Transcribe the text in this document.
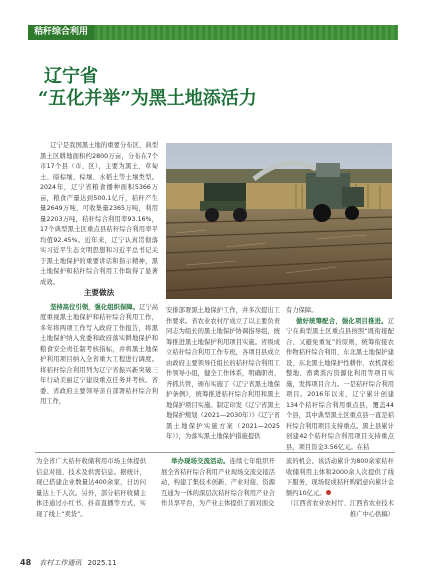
秸秆综合利用
辽宁省
“五化并举”为黑土地添活力

辽宁是我国黑土地的重要分布区，典型黑土区耕地面积约2800万亩，分布在7个市17个县（市、区），主要为黑土、草甸土、暗棕壤、棕壤、水稻土等土壤类型。2024年，辽宁省粮食播种面积5366万亩，粮食产量达到500.1亿斤，秸秆产生量2649万吨，可收集量2365万吨，利用量2203万吨，秸秆综合利用率93.16%，17个典型黑土区重点县秸秆综合利用率平均值92.45%。近年来，辽宁认真贯彻落实习近平生态文明思想和习近平总书记关于黑土地保护的重要讲话和指示精神，黑土地保护和秸秆综合利用工作取得了显著成效。

主要做法

坚持高位引领，强化组织保障。辽宁高度重视黑土地保护和秸秆综合利用工作，多年将两项工作写入政府工作报告，将黑土地保护纳入党委和政府落实耕地保护和粮食安全责任制考核指标，并将黑土地保护利用项目纳入全省重大工程进行调度。将秸秆综合利用列为辽宁省振兴新突破三年行动美丽辽宁建设重点任务并考核。省委、省政府主要领导亲自部署秸秆综合利用工作，

安排部署黑土地保护工作，并多次提出工作要求。省农业农村厅成立了以主要负责同志为组长的黑土地保护协调指导组，统筹推进黑土地保护利用项目实施。省级成立秸秆综合利用工作专班，各项目县成立由政府主要领导任组长的秸秆综合利用工作领导小组，健全工作体系，明确职责、齐抓共管，颁布实施了《辽宁省黑土地保护条例》，统筹推进秸秆综合利用和黑土地保护项目实施。制定印发《辽宁省黑土地保护规划（2021—2030年）》《辽宁省黑土地保护实施方案（2021—2025年）》，为落实黑土地保护措施提供

有力保障。

做好统筹配合，强化项目推进。辽宁在典型黑土区重点县按照“既衔接配合、又避免重复”的原则，统筹衔接农作物秸秆综合利用、东北黑土地保护建设、东北黑土地保护性耕作、农机深松整地、畜禽粪污资源化利用等项目实施，发挥项目合力。一是秸秆综合利用项目。2016年以来，辽宁累计创建134个秸秆综合利用重点县，覆盖44个县，其中典型黑土区重点县一直是秸秆综合利用项目支持重点。黑土县累计创建42个秸秆综合利用项目支持重点县，项目资金3.56亿元。在秸

为全省广大秸秆收储利用市场主体提供信息对接、技术及供需信息。据统计，现已搭建企业数量达400余家，日访问量达上千人次。另外，部分秸秆收储主体还通过小红书、抖音直播等方式，实现了线上“卖货”。

举办现场交流活动。连续七年组织开展全省秸秆综合利用产业现场交流交接活动，构建了集技术创新、产业对接、资源互通为一体的深层次秸秆综合利用产业合作共享平台，为产业主体提供了面对面交

流的机会。该活动累计为800余家秸秆收储利用主体和2000余人次提供了线下服务，现场促成秸秆购销意向累计金额约10亿元。

（江西省农业农村厅、江西省农业技术推广中心供稿）

48 农村工作通讯 2025.11
